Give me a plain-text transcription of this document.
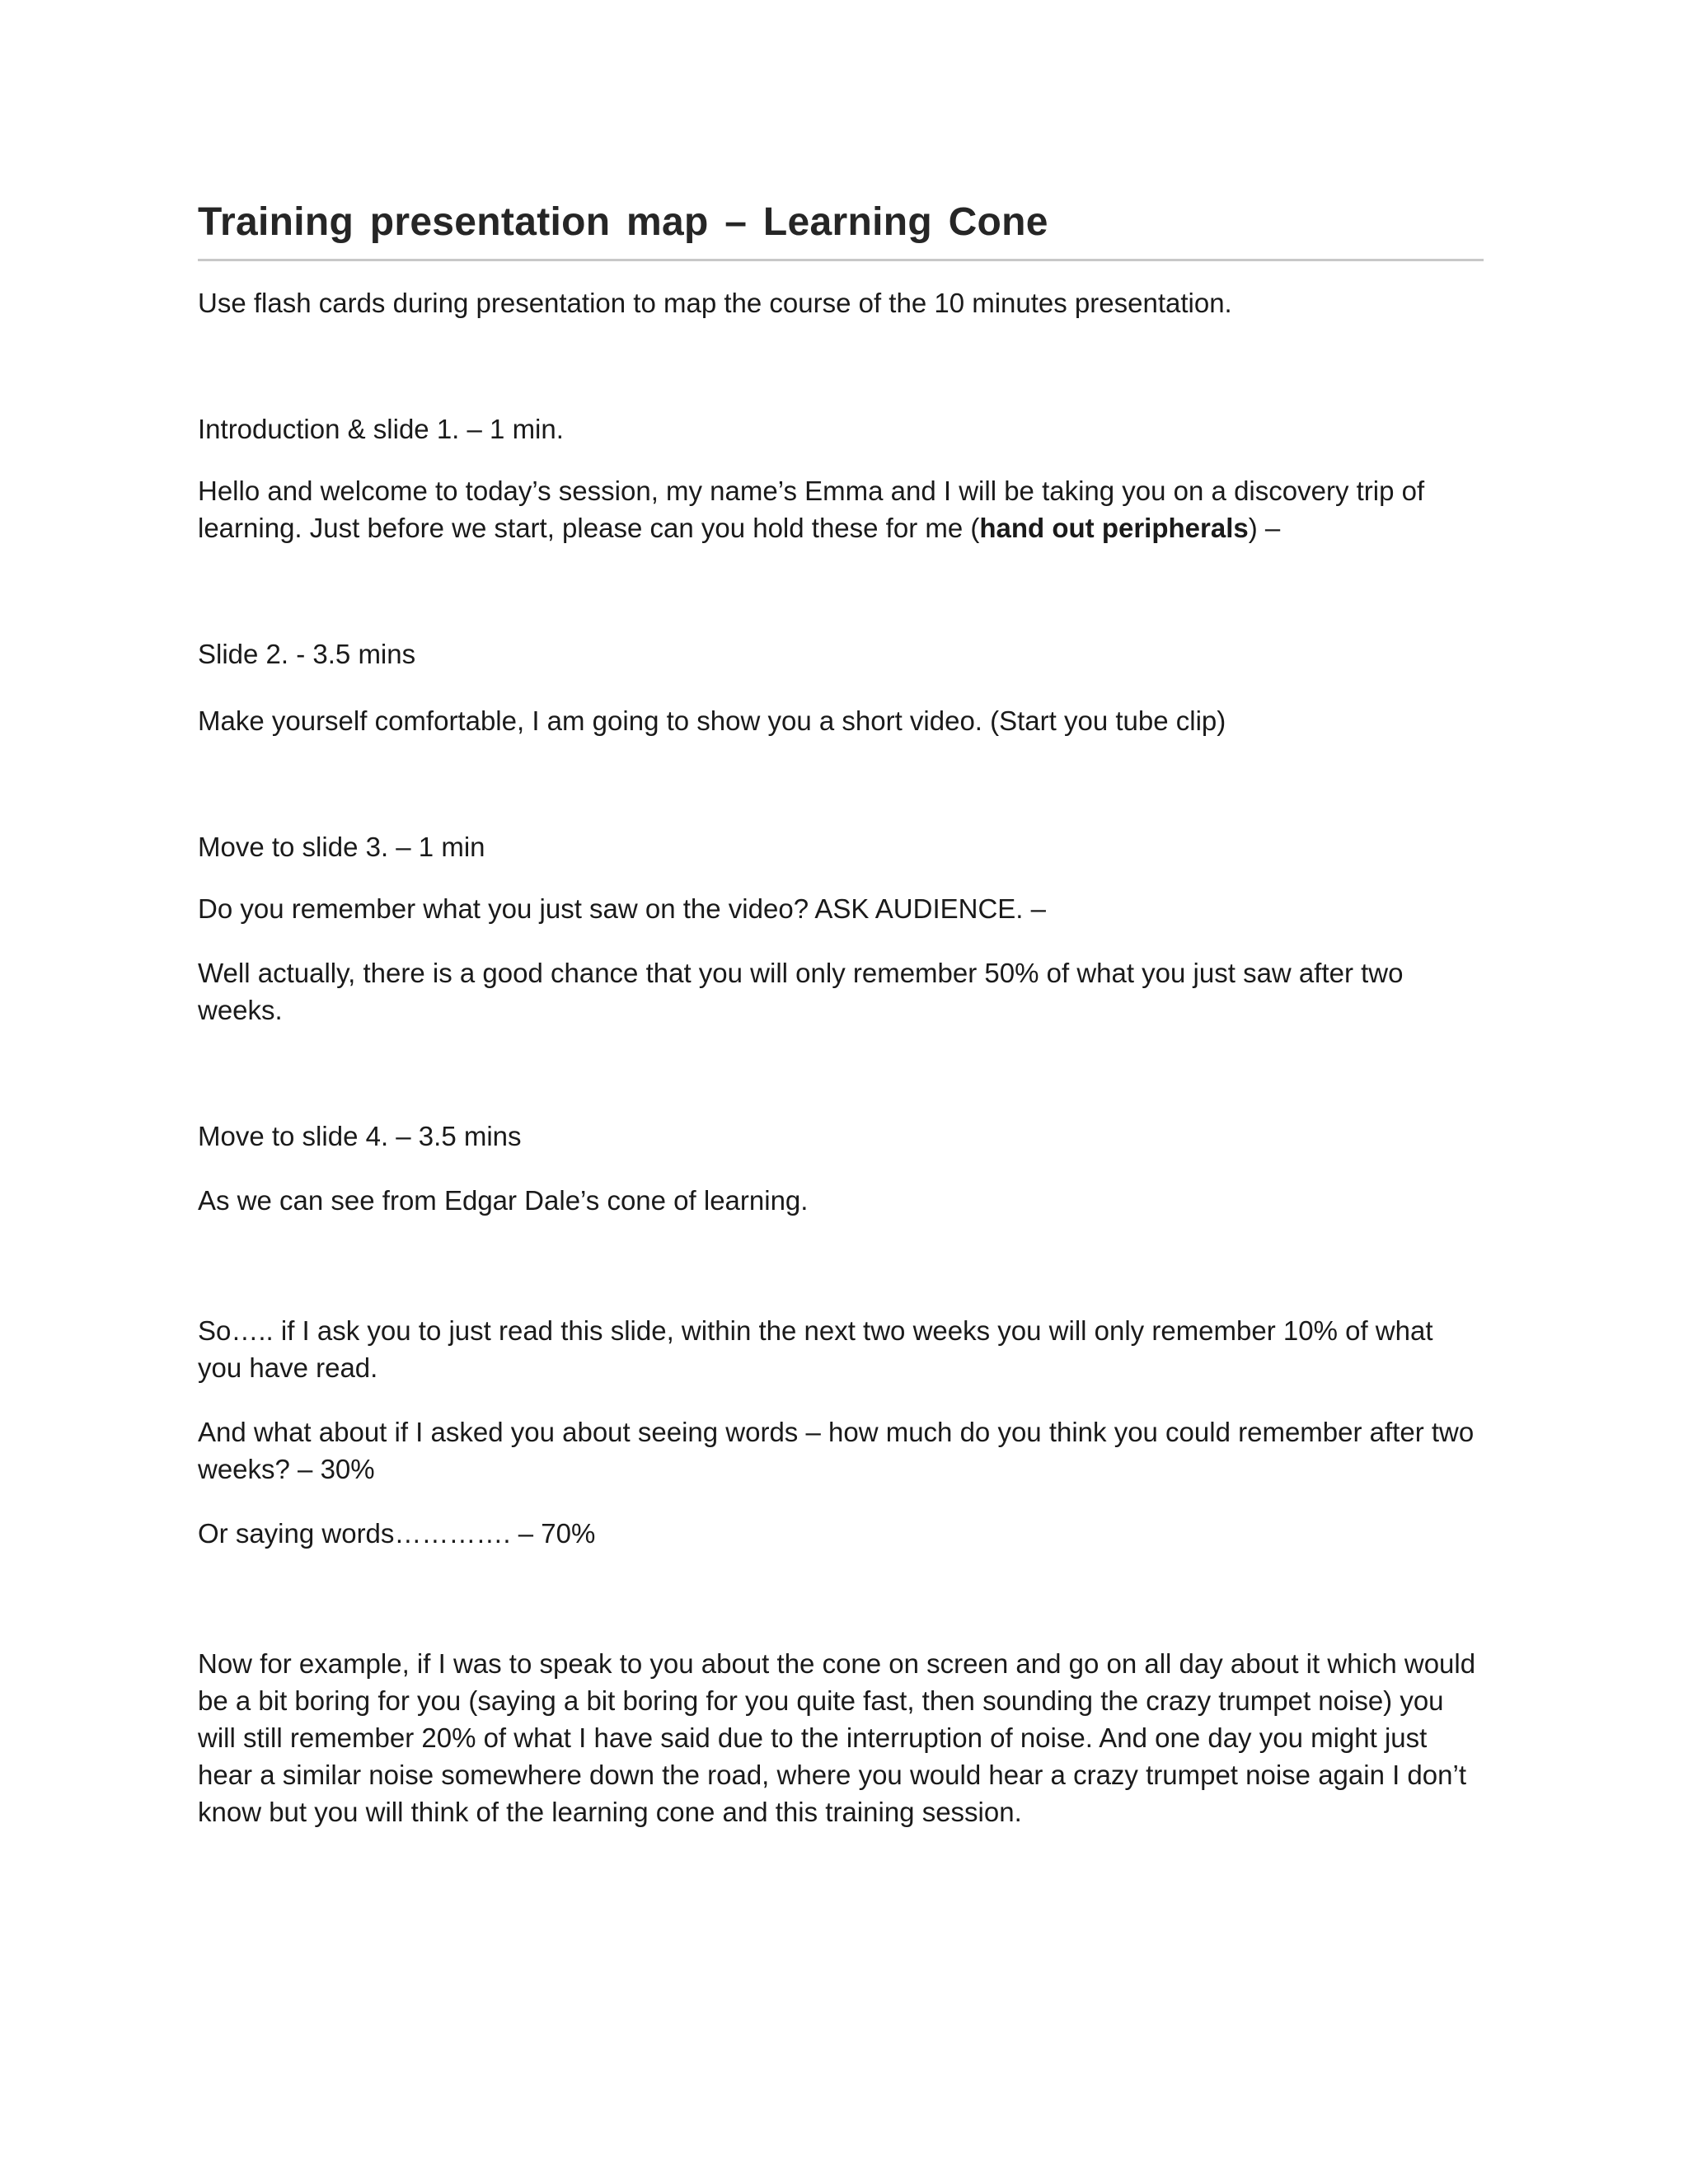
Training presentation map – Learning Cone

Use flash cards during presentation to map the course of the 10 minutes presentation.

Introduction & slide 1. – 1 min.

Hello and welcome to today’s session, my name’s Emma and I will be taking you on a discovery trip of learning. Just before we start, please can you hold these for me (hand out peripherals) –

Slide 2. - 3.5 mins

Make yourself comfortable, I am going to show you a short video. (Start you tube clip)

Move to slide 3. – 1 min

Do you remember what you just saw on the video? ASK AUDIENCE. –

Well actually, there is a good chance that you will only remember 50% of what you just saw after two weeks.

Move to slide 4. – 3.5 mins

As we can see from Edgar Dale’s cone of learning.

So….. if I ask you to just read this slide, within the next two weeks you will only remember 10% of what you have read.

And what about if I asked you about seeing words – how much do you think you could remember after two weeks? – 30%

Or saying words…………. – 70%

Now for example, if I was to speak to you about the cone on screen and go on all day about it which would be a bit boring for you (saying a bit boring for you quite fast, then sounding the crazy trumpet noise) you will still remember 20% of what I have said due to the interruption of noise. And one day you might just hear a similar noise somewhere down the road, where you would hear a crazy trumpet noise again I don’t know but you will think of the learning cone and this training session.
